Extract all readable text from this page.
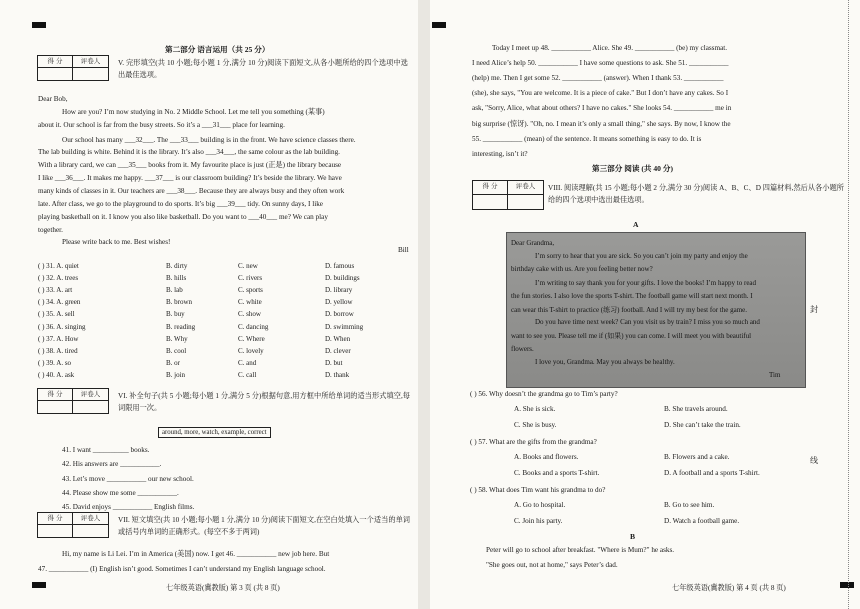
第二部分 语言运用（共 25 分）
得 分	评卷人	V. 完形填空(共 10 小题;每小题 1 分,满分 10 分)阅读下面短文,从各小题所给的四个选项中选出最佳选项。
Dear Bob,
How are you? I’m now studying in No. 2 Middle School. Let me tell you something (某事)
about it. Our school is far from the busy streets. So it’s a ___31___ place for learning.
Our school has many ___32___. The ___33___ building is in the front. We have science classes there.
The lab building is white. Behind it is the library. It’s also ___34___, the same colour as the lab building.
With a library card, we can ___35___ books from it. My favourite place is just (正是) the library because
I like ___36___. It makes me happy. ___37___ is our classroom building? It’s beside the library. We have
many kinds of classes in it. Our teachers are ___38___. Because they are always busy and they often work
late. After class, we go to the playground to do sports. It’s big ___39___ tidy. On sunny days, I like
playing basketball on it. I know you also like basketball. Do you want to ___40___ me? We can play
together.
Please write back to me. Best wishes!
Bill
( ) 31. A. quiet	B. dirty	C. new	D. famous
( ) 32. A. trees	B. hills	C. rivers	D. buildings
( ) 33. A. art	B. lab	C. sports	D. library
( ) 34. A. green	B. brown	C. white	D. yellow
( ) 35. A. sell	B. buy	C. show	D. borrow
( ) 36. A. singing	B. reading	C. dancing	D. swimming
( ) 37. A. How	B. Why	C. Where	D. When
( ) 38. A. tired	B. cool	C. lovely	D. clever
( ) 39. A. so	B. or	C. and	D. but
( ) 40. A. ask	B. join	C. call	D. thank
得 分	评卷人	VI. 补全句子(共 5 小题;每小题 1 分,满分 5 分)根据句意,用方框中所给单词的适当形式填空,每词限用一次。
around, more, watch, example, correct
41. I want __________ books.
42. His answers are ___________.
43. Let’s move ___________ our new school.
44. Please show me some ___________.
45. David enjoys ___________ English films.
得 分	评卷人	VII. 短文填空(共 10 小题;每小题 1 分,满分 10 分)阅读下面短文,在空白处填入一个适当的单词或括号内单词的正确形式。(每空不多于两词)
Hi, my name is Li Lei. I’m in America (美国) now. I get 46. ___________ new job here. But
47. ___________ (I) English isn’t good. Sometimes I can’t understand my English language school.
七年级英语(冀教版) 第 3 页 (共 8 页)
Today I meet up 48. ___________ Alice. She 49. ___________ (be) my classmat.
I need Alice’s help 50. ___________ I have some questions to ask. She 51. ___________
(help) me. Then I get some 52. ___________ (answer). When I thank 53. ___________
(she), she says, "You are welcome. It is a piece of cake." But I don’t have any cakes. So I
ask, "Sorry, Alice, what about others? I have no cakes." She looks 54. ___________ me in
big surprise (惊讶). "Oh, no. I mean it’s only a small thing," she says. By now, I know the
55. ___________ (mean) of the sentence. It means something is easy to do. It is
interesting, isn’t it?
第三部分 阅读 (共 40 分)
得 分	评卷人	VIII. 阅读理解(共 15 小题;每小题 2 分,满分 30 分)阅读 A、B、C、D 四篇材料,然后从各小题所给的四个选项中选出最佳选项。
A
Dear Grandma,
I’m sorry to hear that you are sick. So you can’t join my party and enjoy the
birthday cake with us. Are you feeling better now?
I’m writing to say thank you for your gifts. I love the books! I’m happy to read
the fun stories. I also love the sports T-shirt. The football game will start next month. I
can wear this T-shirt to practice (练习) football. And I will try my best for the game.
Do you have time next week? Can you visit us by train? I miss you so much and
want to see you. Please tell me if (如果) you can come. I will meet you with beautiful
flowers.
I love you, Grandma. May you always be healthy.
Tim
( ) 56. Why doesn’t the grandma go to Tim’s party?
A. She is sick.	B. She travels around.
C. She is busy.	D. She can’t take the train.
( ) 57. What are the gifts from the grandma?
A. Books and flowers.	B. Flowers and a cake.
C. Books and a sports T-shirt.	D. A football and a sports T-shirt.
( ) 58. What does Tim want his grandma to do?
A. Go to hospital.	B. Go to see him.
C. Join his party.	D. Watch a football game.
B
Peter will go to school after breakfast. "Where is Mum?" he asks.
"She goes out, not at home," says Peter’s dad.
七年级英语(冀教版) 第 4 页 (共 8 页)
封
线
